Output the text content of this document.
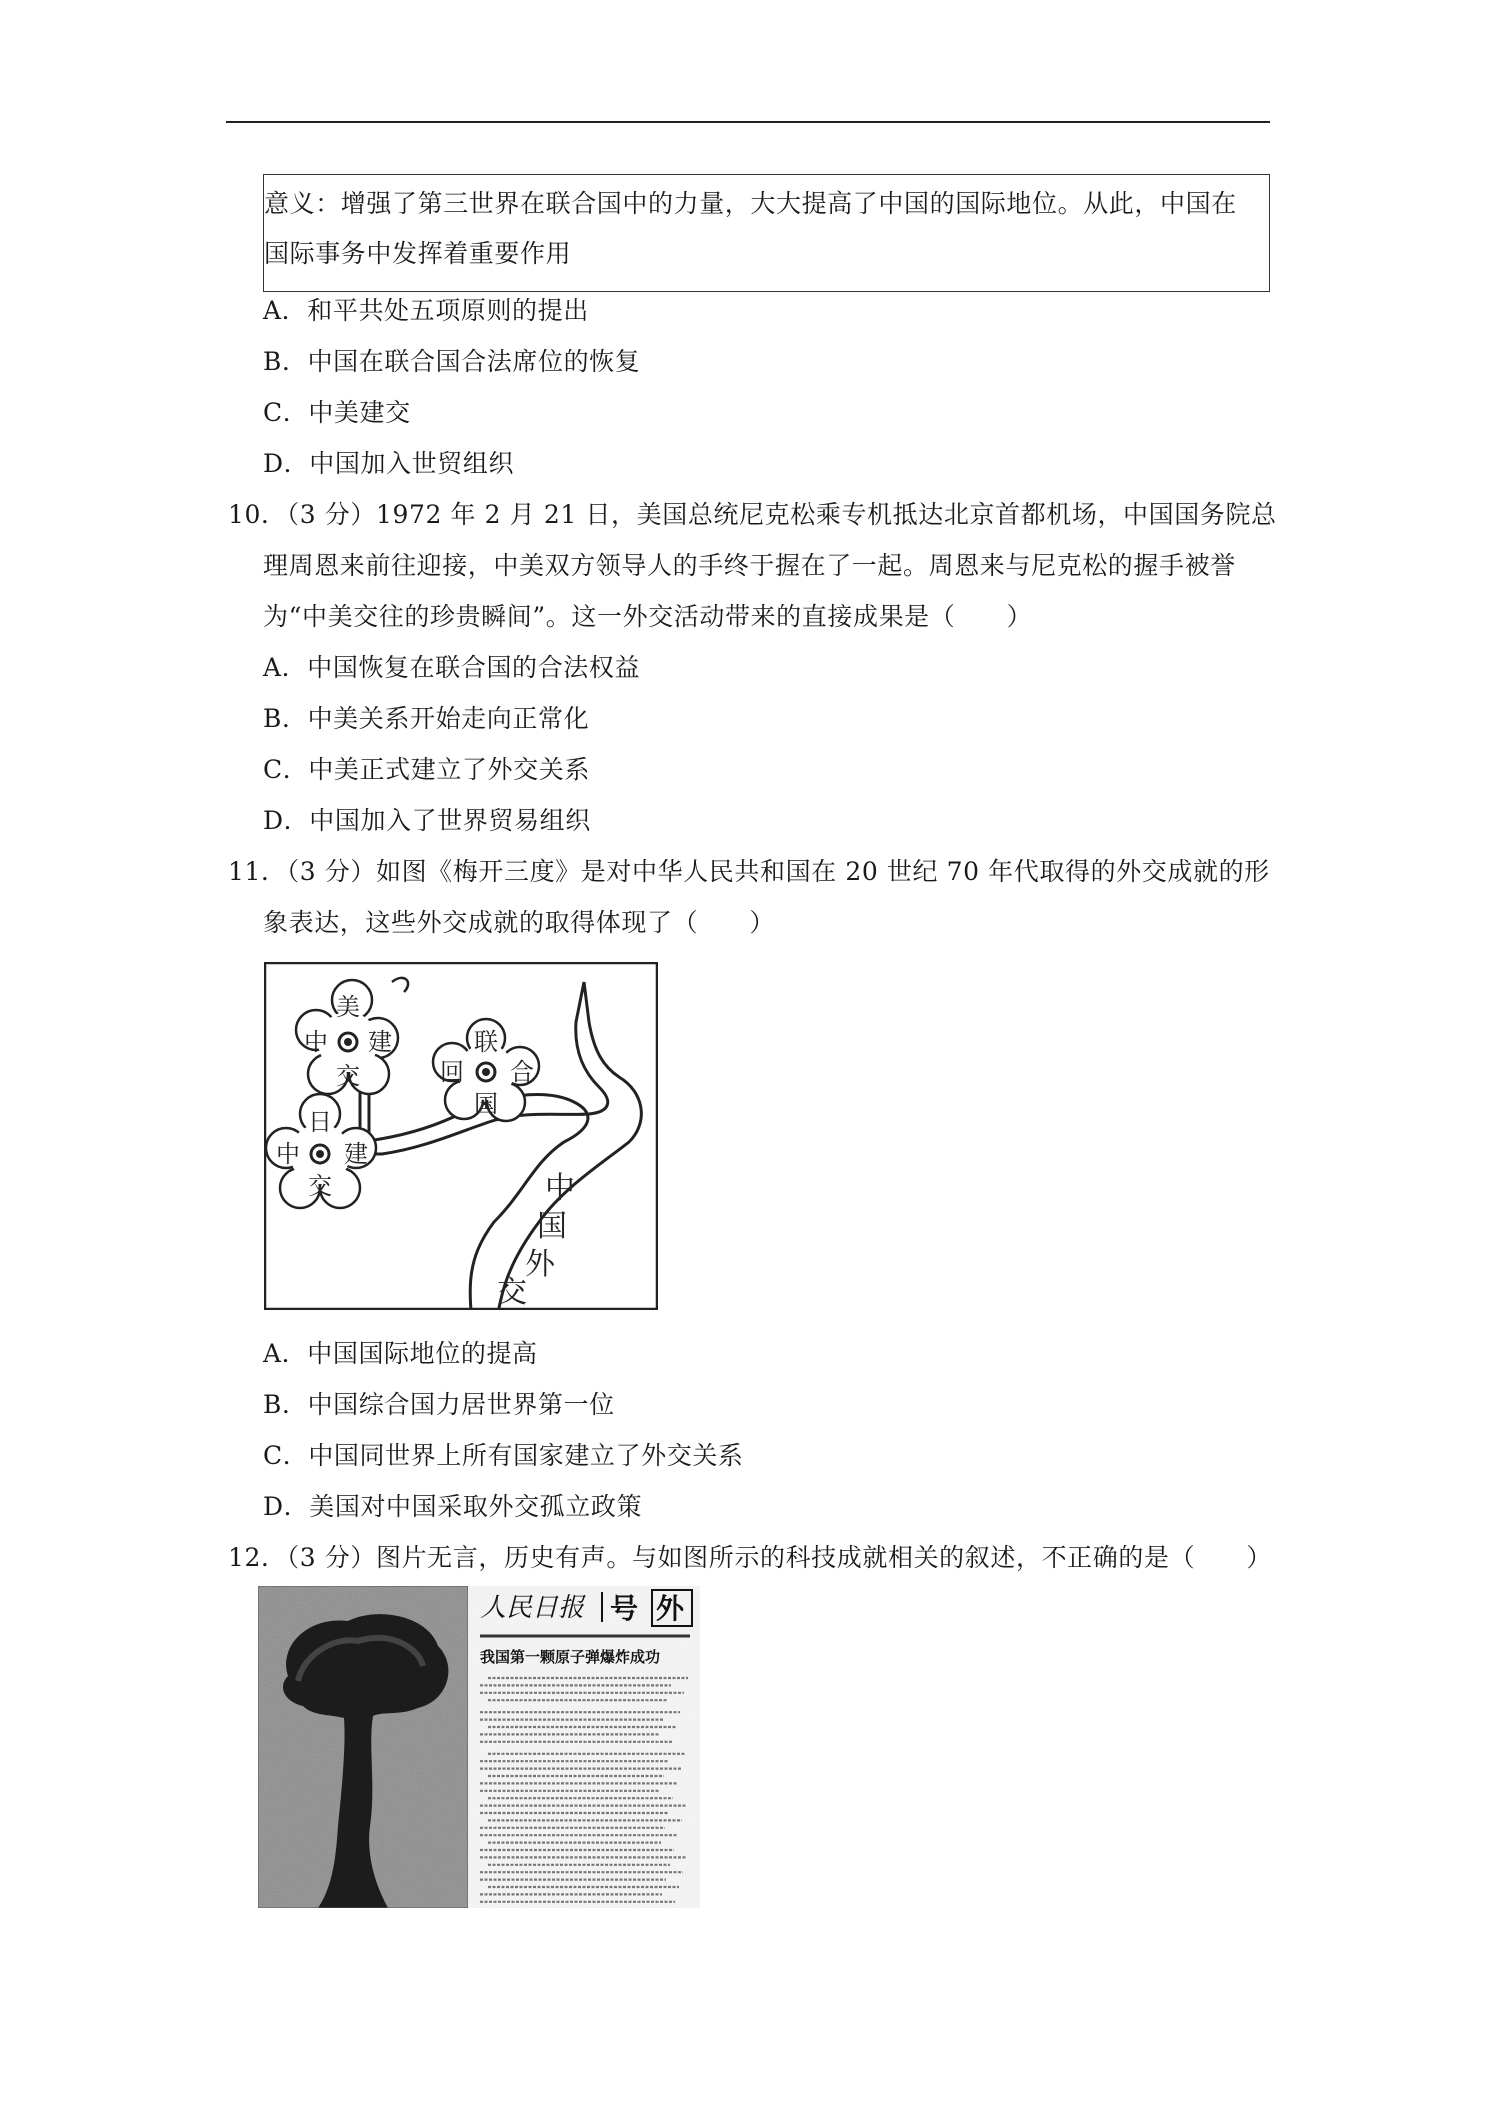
意义：增强了第三世界在联合国中的力量，大大提高了中国的国际地位。从此，中国在
国际事务中发挥着重要作用
A．和平共处五项原则的提出
B．中国在联合国合法席位的恢复
C．中美建交
D．中国加入世贸组织
10．（3 分）1972 年 2 月 21 日，美国总统尼克松乘专机抵达北京首都机场，中国国务院总
理周恩来前往迎接，中美双方领导人的手终于握在了一起。周恩来与尼克松的握手被誉
为“中美交往的珍贵瞬间”。这一外交活动带来的直接成果是（　　）
A．中国恢复在联合国的合法权益
B．中美关系开始走向正常化
C．中美正式建立了外交关系
D．中国加入了世界贸易组织
11．（3 分）如图《梅开三度》是对中华人民共和国在 20 世纪 70 年代取得的外交成就的形
象表达，这些外交成就的取得体现了（　　）
美
中 建
交
联
回 合
国
日
中 建
交	中
国
外
交
A．中国国际地位的提高
B．中国综合国力居世界第一位
C．中国同世界上所有国家建立了外交关系
D．美国对中国采取外交孤立政策
12．（3 分）图片无言，历史有声。与如图所示的科技成就相关的叙述，不正确的是（　　）
人民日报 号 外
我国第一颗原子弹爆炸成功
